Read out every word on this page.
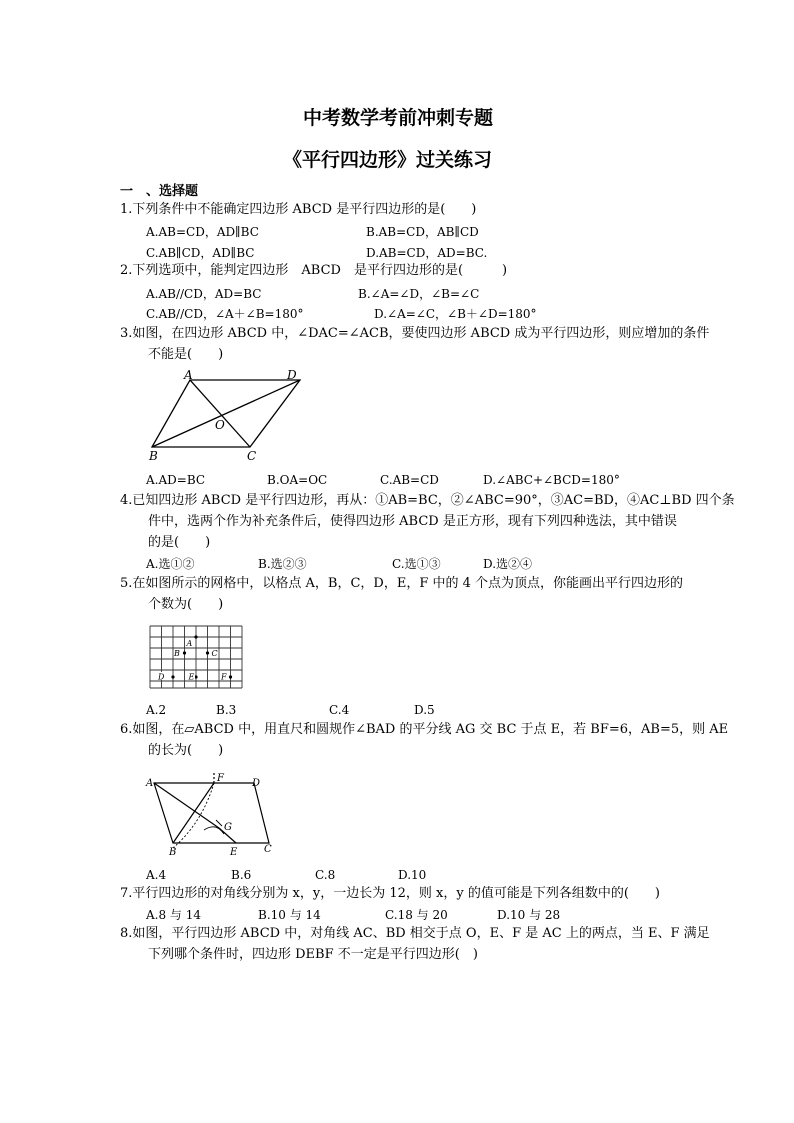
中考数学考前冲刺专题
《平行四边形》过关练习
一　、选择题
1.下列条件中不能确定四边形 ABCD 是平行四边形的是(　　)
A.AB=CD，AD∥BC	B.AB=CD，AB∥CD
C.AB∥CD，AD∥BC	D.AB=CD，AD=BC.
2.下列选项中，能判定四边形　ABCD　是平行四边形的是(　　　)
A.AB//CD，AD=BC	B.∠A=∠D，∠B=∠C
C.AB//CD，∠A＋∠B=180°	D.∠A=∠C，∠B＋∠D=180°
3.如图，在四边形 ABCD 中，∠DAC=∠ACB，要使四边形 ABCD 成为平行四边形，则应增加的条件
不能是(　　)
A	D
B	C
O
A.AD=BC	B.OA=OC	C.AB=CD	D.∠ABC+∠BCD=180°
4.已知四边形 ABCD 是平行四边形，再从：①AB=BC，②∠ABC=90°，③AC=BD，④AC⊥BD 四个条
件中，选两个作为补充条件后，使得四边形 ABCD 是正方形，现有下列四种选法，其中错误
的是(　　)
A.选①②	B.选②③	C.选①③	D.选②④
5.在如图所示的网格中，以格点 A，B，C，D，E，F 中的 4 个点为顶点，你能画出平行四边形的
个数为(　　)
A
B	C
D	E	F
A.2	B.3	C.4	D.5
6.如图，在▱ABCD 中，用直尺和圆规作∠BAD 的平分线 AG 交 BC 于点 E，若 BF=6，AB=5，则 AE
的长为(　　)
A	F	D
G
B	E	C
A.4	B.6	C.8	D.10
7.平行四边形的对角线分别为 x，y，一边长为 12，则 x，y 的值可能是下列各组数中的(　　)
A.8 与 14	B.10 与 14	C.18 与 20	D.10 与 28
8.如图，平行四边形 ABCD 中，对角线 AC、BD 相交于点 O，E、F 是 AC 上的两点，当 E、F 满足
下列哪个条件时，四边形 DEBF 不一定是平行四边形(　)
